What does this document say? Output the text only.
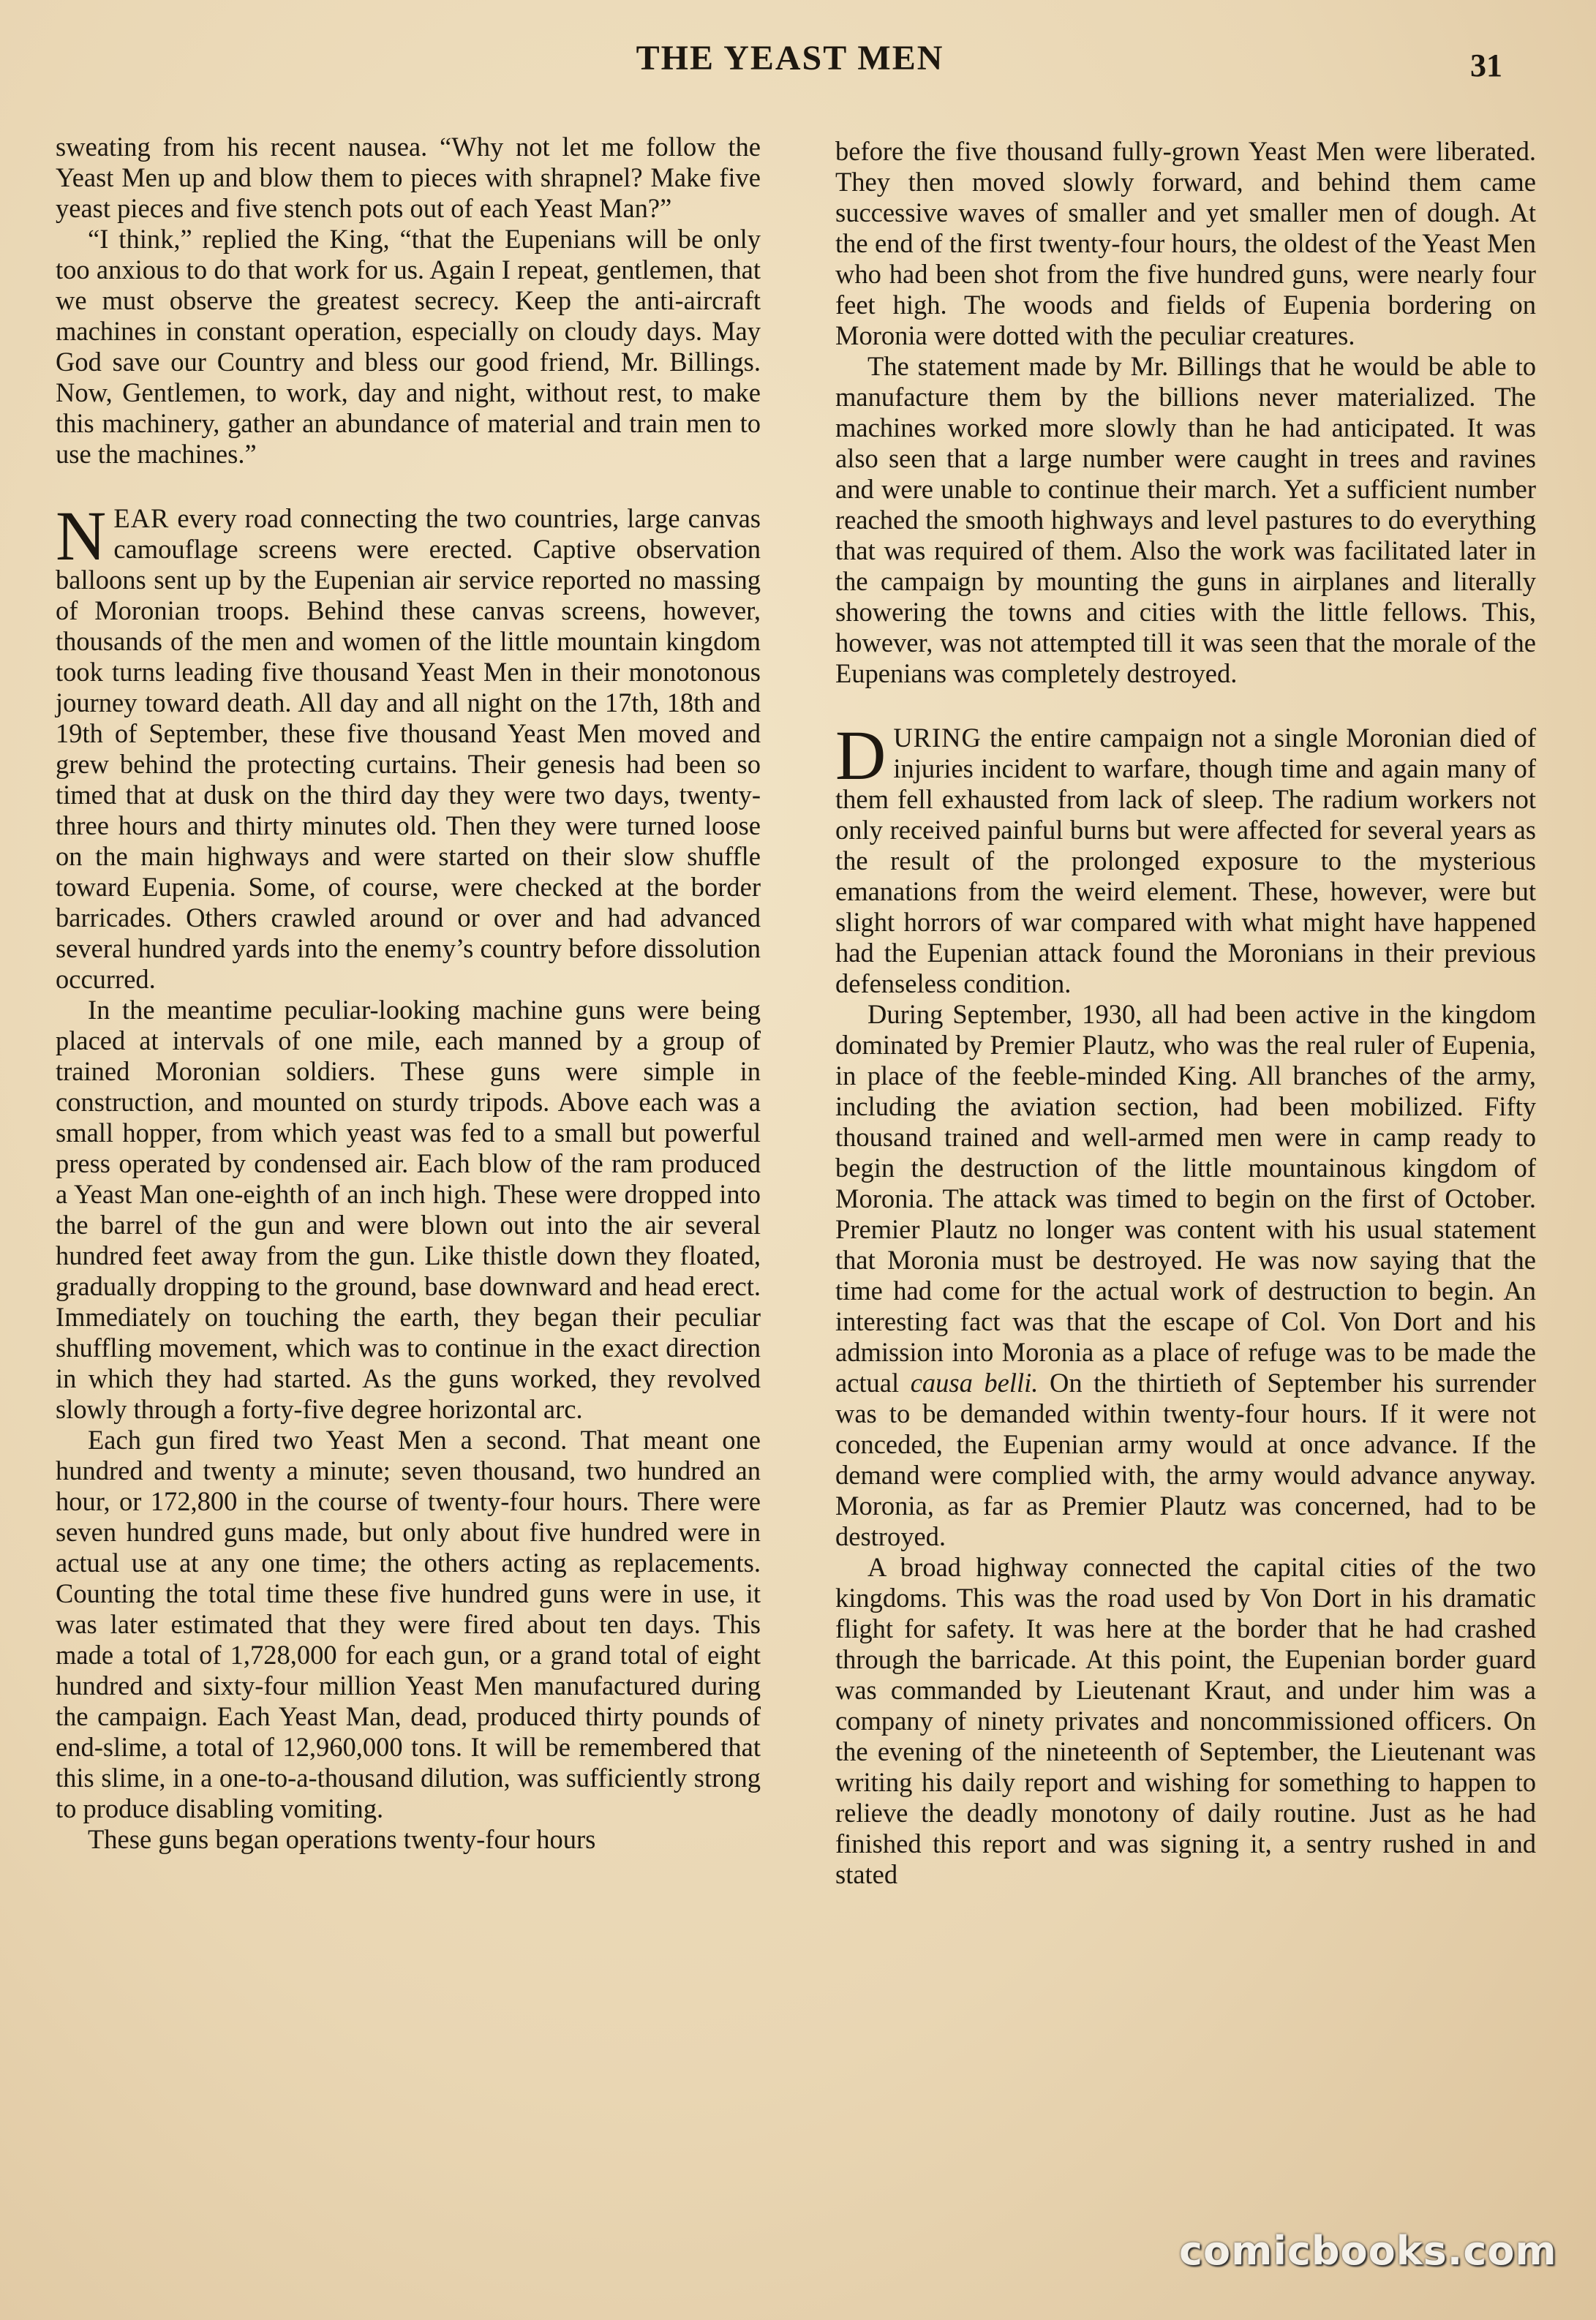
THE YEAST MEN	31

sweating from his recent nausea. “Why not let me follow the Yeast Men up and blow them to pieces with shrapnel? Make five yeast pieces and five stench pots out of each Yeast Man?”

“I think,” replied the King, “that the Eupenians will be only too anxious to do that work for us. Again I repeat, gentlemen, that we must observe the greatest secrecy. Keep the anti-aircraft machines in constant operation, especially on cloudy days. May God save our Country and bless our good friend, Mr. Billings. Now, Gentlemen, to work, day and night, without rest, to make this machinery, gather an abundance of material and train men to use the machines.”

NEAR every road connecting the two countries, large canvas camouflage screens were erected. Captive observation balloons sent up by the Eupenian air service reported no massing of Moronian troops. Behind these canvas screens, however, thousands of the men and women of the little mountain kingdom took turns leading five thousand Yeast Men in their monotonous journey toward death. All day and all night on the 17th, 18th and 19th of September, these five thousand Yeast Men moved and grew behind the protecting curtains. Their genesis had been so timed that at dusk on the third day they were two days, twenty-three hours and thirty minutes old. Then they were turned loose on the main highways and were started on their slow shuffle toward Eupenia. Some, of course, were checked at the border barricades. Others crawled around or over and had advanced several hundred yards into the enemy’s country before dissolution occurred.

In the meantime peculiar-looking machine guns were being placed at intervals of one mile, each manned by a group of trained Moronian soldiers. These guns were simple in construction, and mounted on sturdy tripods. Above each was a small hopper, from which yeast was fed to a small but powerful press operated by condensed air. Each blow of the ram produced a Yeast Man one-eighth of an inch high. These were dropped into the barrel of the gun and were blown out into the air several hundred feet away from the gun. Like thistle down they floated, gradually dropping to the ground, base downward and head erect. Immediately on touching the earth, they began their peculiar shuffling movement, which was to continue in the exact direction in which they had started. As the guns worked, they revolved slowly through a forty-five degree horizontal arc.

Each gun fired two Yeast Men a second. That meant one hundred and twenty a minute; seven thousand, two hundred an hour, or 172,800 in the course of twenty-four hours. There were seven hundred guns made, but only about five hundred were in actual use at any one time; the others acting as replacements. Counting the total time these five hundred guns were in use, it was later estimated that they were fired about ten days. This made a total of 1,728,000 for each gun, or a grand total of eight hundred and sixty-four million Yeast Men manufactured during the campaign. Each Yeast Man, dead, produced thirty pounds of end-slime, a total of 12,960,000 tons. It will be remembered that this slime, in a one-to-a-thousand dilution, was sufficiently strong to produce disabling vomiting.

These guns began operations twenty-four hours

before the five thousand fully-grown Yeast Men were liberated. They then moved slowly forward, and behind them came successive waves of smaller and yet smaller men of dough. At the end of the first twenty-four hours, the oldest of the Yeast Men who had been shot from the five hundred guns, were nearly four feet high. The woods and fields of Eupenia bordering on Moronia were dotted with the peculiar creatures.

The statement made by Mr. Billings that he would be able to manufacture them by the billions never materialized. The machines worked more slowly than he had anticipated. It was also seen that a large number were caught in trees and ravines and were unable to continue their march. Yet a sufficient number reached the smooth highways and level pastures to do everything that was required of them. Also the work was facilitated later in the campaign by mounting the guns in airplanes and literally showering the towns and cities with the little fellows. This, however, was not attempted till it was seen that the morale of the Eupenians was completely destroyed.

DURING the entire campaign not a single Moronian died of injuries incident to warfare, though time and again many of them fell exhausted from lack of sleep. The radium workers not only received painful burns but were affected for several years as the result of the prolonged exposure to the mysterious emanations from the weird element. These, however, were but slight horrors of war compared with what might have happened had the Eupenian attack found the Moronians in their previous defenseless condition.

During September, 1930, all had been active in the kingdom dominated by Premier Plautz, who was the real ruler of Eupenia, in place of the feeble-minded King. All branches of the army, including the aviation section, had been mobilized. Fifty thousand trained and well-armed men were in camp ready to begin the destruction of the little mountainous kingdom of Moronia. The attack was timed to begin on the first of October. Premier Plautz no longer was content with his usual statement that Moronia must be destroyed. He was now saying that the time had come for the actual work of destruction to begin. An interesting fact was that the escape of Col. Von Dort and his admission into Moronia as a place of refuge was to be made the actual causa belli. On the thirtieth of September his surrender was to be demanded within twenty-four hours. If it were not conceded, the Eupenian army would at once advance. If the demand were complied with, the army would advance anyway. Moronia, as far as Premier Plautz was concerned, had to be destroyed.

A broad highway connected the capital cities of the two kingdoms. This was the road used by Von Dort in his dramatic flight for safety. It was here at the border that he had crashed through the barricade. At this point, the Eupenian border guard was commanded by Lieutenant Kraut, and under him was a company of ninety privates and noncommissioned officers. On the evening of the nineteenth of September, the Lieutenant was writing his daily report and wishing for something to happen to relieve the deadly monotony of daily routine. Just as he had finished this report and was signing it, a sentry rushed in and stated

comicbooks.com
